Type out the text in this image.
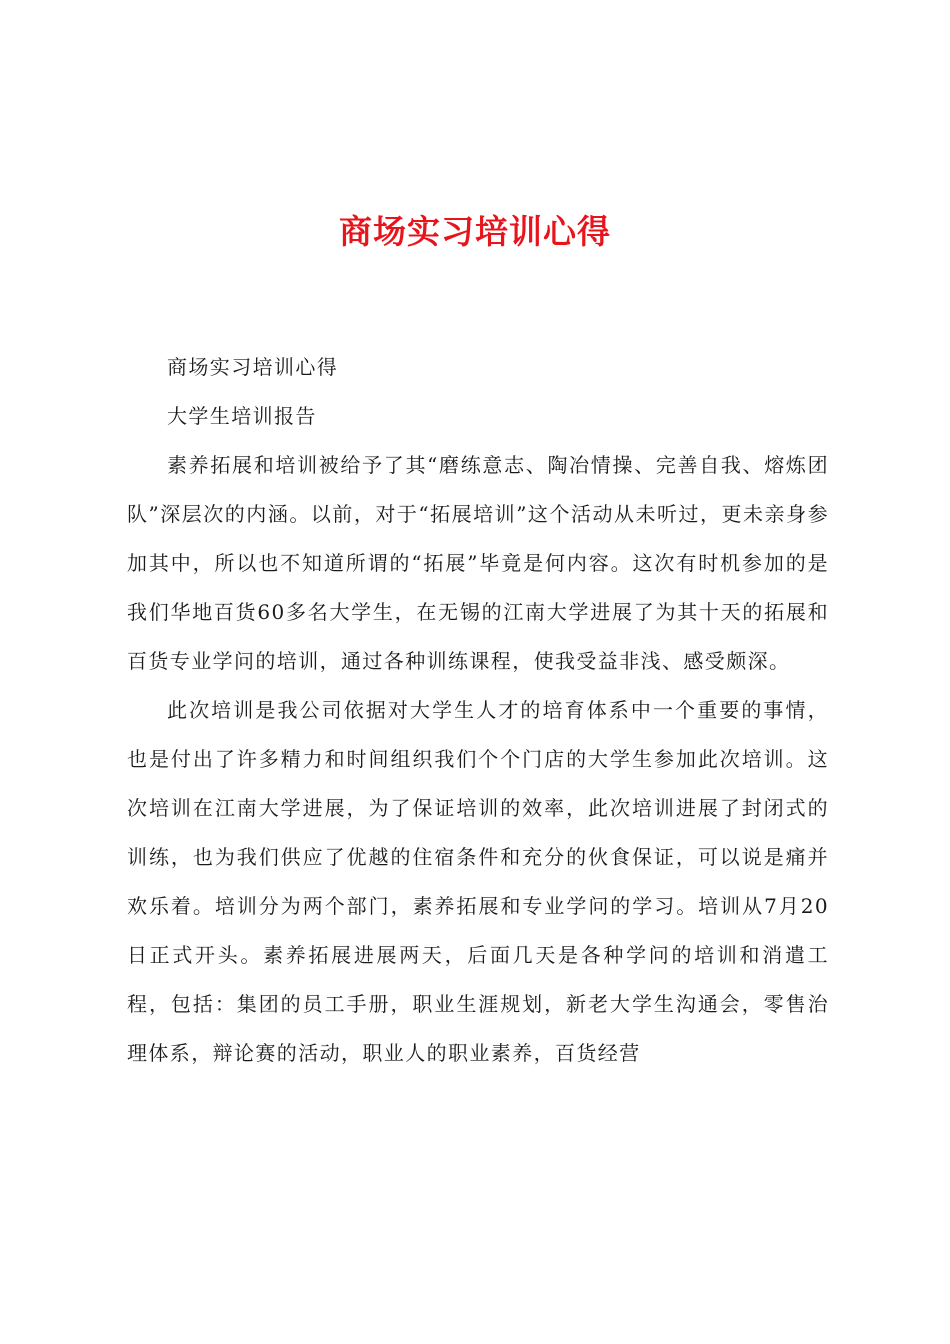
商场实习培训心得

商场实习培训心得

大学生培训报告

素养拓展和培训被给予了其“磨练意志、陶冶情操、完善自我、熔炼团队”深层次的内涵。以前，对于“拓展培训”这个活动从未听过，更未亲身参加其中，所以也不知道所谓的“拓展”毕竟是何内容。这次有时机参加的是我们华地百货60多名大学生，在无锡的江南大学进展了为其十天的拓展和百货专业学问的培训，通过各种训练课程，使我受益非浅、感受颇深。

此次培训是我公司依据对大学生人才的培育体系中一个重要的事情，也是付出了许多精力和时间组织我们个个门店的大学生参加此次培训。这次培训在江南大学进展，为了保证培训的效率，此次培训进展了封闭式的训练，也为我们供应了优越的住宿条件和充分的伙食保证，可以说是痛并欢乐着。培训分为两个部门，素养拓展和专业学问的学习。培训从7月20日正式开头。素养拓展进展两天，后面几天是各种学问的培训和消遣工程，包括：集团的员工手册，职业生涯规划，新老大学生沟通会，零售治理体系，辩论赛的活动，职业人的职业素养，百货经营
